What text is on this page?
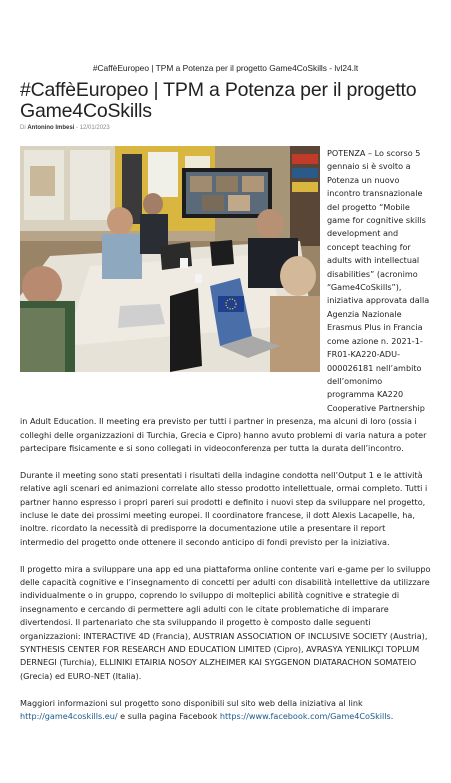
#CaffèEuropeo | TPM a Potenza per il progetto Game4CoSkills - lvl24.lt
#CaffèEuropeo | TPM a Potenza per il progetto Game4CoSkills
Di Antonino Imbesi - 12/01/2023

POTENZA – Lo scorso 5 gennaio si è svolto a Potenza un nuovo incontro transnazionale del progetto “Mobile game for cognitive skills development and concept teaching for adults with intellectual disabilities” (acronimo “Game4CoSkills”), iniziativa approvata dalla Agenzia Nazionale Erasmus Plus in Francia come azione n. 2021-1-FR01-KA220-ADU-000026181 nell’ambito dell’omonimo programma KA220 Cooperative Partnership in Adult Education. Il meeting era previsto per tutti i partner in presenza, ma alcuni di loro (ossia i colleghi delle organizzazioni di Turchia, Grecia e Cipro) hanno avuto problemi di varia natura a poter partecipare fisicamente e si sono collegati in videoconferenza per tutta la durata dell’incontro.

Durante il meeting sono stati presentati i risultati della indagine condotta nell’Output 1 e le attività relative agli scenari ed animazioni correlate allo stesso prodotto intellettuale, ormai completo. Tutti i partner hanno espresso i propri pareri sui prodotti e definito i nuovi step da sviluppare nel progetto, incluse le date dei prossimi meeting europei. Il coordinatore francese, il dott Alexis Lacapelle, ha, inoltre. ricordato la necessità di predisporre la documentazione utile a presentare il report intermedio del progetto onde ottenere il secondo anticipo di fondi previsto per la iniziativa.

Il progetto mira a sviluppare una app ed una piattaforma online contente vari e-game per lo sviluppo delle capacità cognitive e l’insegnamento di concetti per adulti con disabilità intellettive da utilizzare individualmente o in gruppo, coprendo lo sviluppo di molteplici abilità cognitive e strategie di insegnamento e cercando di permettere agli adulti con le citate problematiche di imparare divertendosi. Il partenariato che sta sviluppando il progetto è composto dalle seguenti organizzazioni: INTERACTIVE 4D (Francia), AUSTRIAN ASSOCIATION OF INCLUSIVE SOCIETY (Austria), SYNTHESIS CENTER FOR RESEARCH AND EDUCATION LIMITED (Cipro), AVRASYA YENILIKÇI TOPLUM DERNEGI (Turchia), ELLINIKI ETAIRIA NOSOY ALZHEIMER KAI SYGGENON DIATARACHON SOMATEIO (Grecia) ed EURO-NET (Italia).

Maggiori informazioni sul progetto sono disponibili sul sito web della iniziativa al link http://game4coskills.eu/ e sulla pagina Facebook https://www.facebook.com/Game4CoSkills.
